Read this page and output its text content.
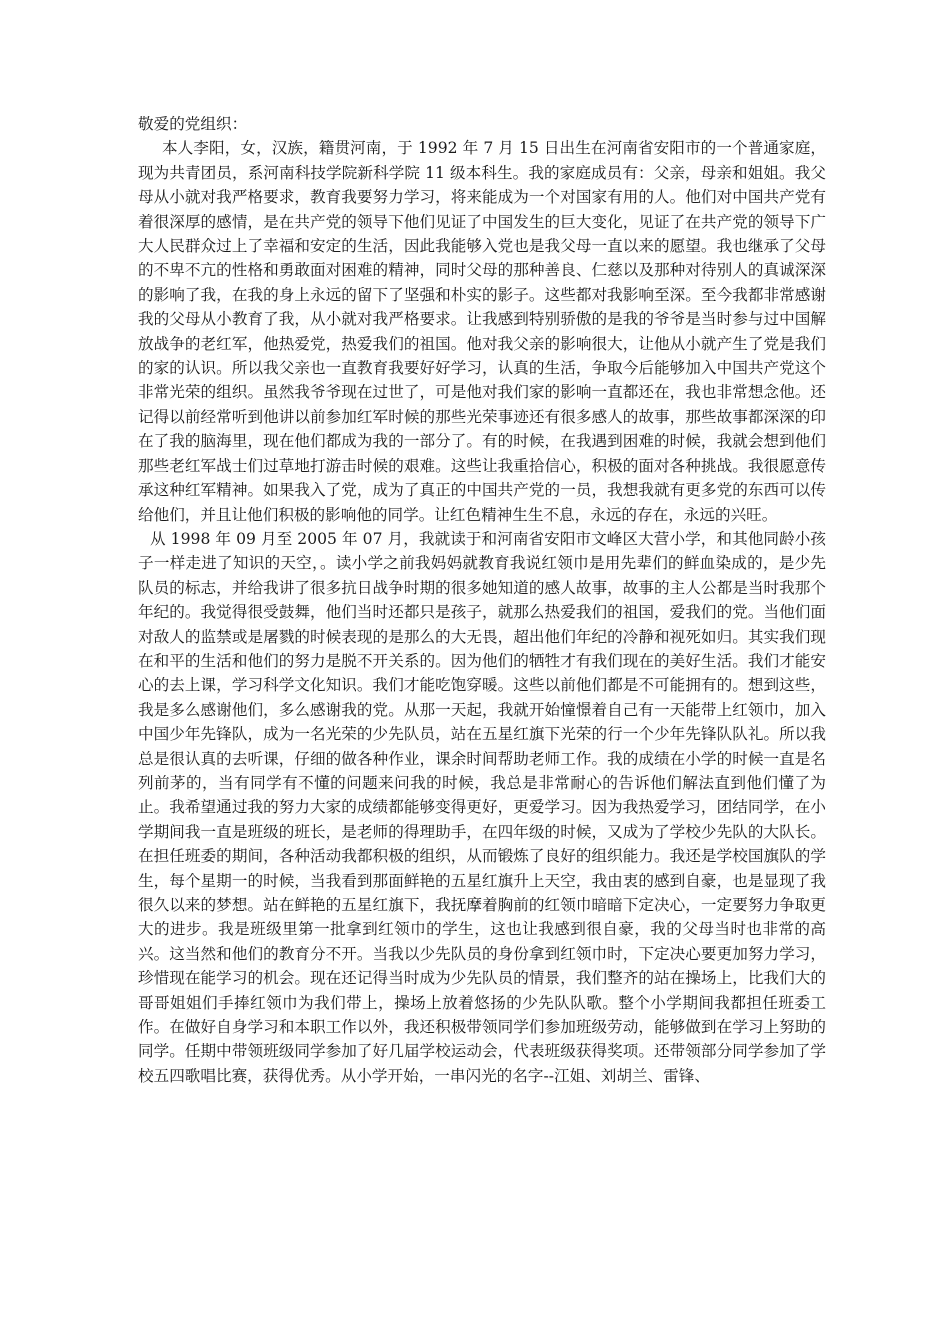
敬爱的党组织：

本人李阳，女，汉族，籍贯河南，于 1992 年 7 月 15 日出生在河南省安阳市的一个普通家庭，现为共青团员，系河南科技学院新科学院 11 级本科生。我的家庭成员有：父亲，母亲和姐姐。我父母从小就对我严格要求，教育我要努力学习，将来能成为一个对国家有用的人。他们对中国共产党有着很深厚的感情，是在共产党的领导下他们见证了中国发生的巨大变化，见证了在共产党的领导下广大人民群众过上了幸福和安定的生活，因此我能够入党也是我父母一直以来的愿望。我也继承了父母的不卑不亢的性格和勇敢面对困难的精神，同时父母的那种善良、仁慈以及那种对待别人的真诚深深的影响了我，在我的身上永远的留下了坚强和朴实的影子。这些都对我影响至深。至今我都非常感谢我的父母从小教育了我，从小就对我严格要求。让我感到特别骄傲的是我的爷爷是当时参与过中国解放战争的老红军，他热爱党，热爱我们的祖国。他对我父亲的影响很大，让他从小就产生了党是我们的家的认识。所以我父亲也一直教育我要好好学习，认真的生活，争取今后能够加入中国共产党这个非常光荣的组织。虽然我爷爷现在过世了，可是他对我们家的影响一直都还在，我也非常想念他。还记得以前经常听到他讲以前参加红军时候的那些光荣事迹还有很多感人的故事，那些故事都深深的印在了我的脑海里，现在他们都成为我的一部分了。有的时候，在我遇到困难的时候，我就会想到他们那些老红军战士们过草地打游击时候的艰难。这些让我重拾信心，积极的面对各种挑战。我很愿意传承这种红军精神。如果我入了党，成为了真正的中国共产党的一员，我想我就有更多党的东西可以传给他们，并且让他们积极的影响他的同学。让红色精神生生不息，永远的存在，永远的兴旺。

从 1998 年 09 月至 2005 年 07 月，我就读于和河南省安阳市文峰区大营小学，和其他同龄小孩子一样走进了知识的天空，。读小学之前我妈妈就教育我说红领巾是用先辈们的鲜血染成的，是少先队员的标志，并给我讲了很多抗日战争时期的很多她知道的感人故事，故事的主人公都是当时我那个年纪的。我觉得很受鼓舞，他们当时还都只是孩子，就那么热爱我们的祖国，爱我们的党。当他们面对敌人的监禁或是屠戮的时候表现的是那么的大无畏，超出他们年纪的冷静和视死如归。其实我们现在和平的生活和他们的努力是脱不开关系的。因为他们的牺牲才有我们现在的美好生活。我们才能安心的去上课，学习科学文化知识。我们才能吃饱穿暖。这些以前他们都是不可能拥有的。想到这些，我是多么感谢他们，多么感谢我的党。从那一天起，我就开始憧憬着自己有一天能带上红领巾，加入中国少年先锋队，成为一名光荣的少先队员，站在五星红旗下光荣的行一个少年先锋队队礼。所以我总是很认真的去听课，仔细的做各种作业，课余时间帮助老师工作。我的成绩在小学的时候一直是名列前茅的，当有同学有不懂的问题来问我的时候，我总是非常耐心的告诉他们解法直到他们懂了为止。我希望通过我的努力大家的成绩都能够变得更好，更爱学习。因为我热爱学习，团结同学，在小学期间我一直是班级的班长，是老师的得理助手，在四年级的时候，又成为了学校少先队的大队长。在担任班委的期间，各种活动我都积极的组织，从而锻炼了良好的组织能力。我还是学校国旗队的学生，每个星期一的时候，当我看到那面鲜艳的五星红旗升上天空，我由衷的感到自豪，也是显现了我很久以来的梦想。站在鲜艳的五星红旗下，我抚摩着胸前的红领巾暗暗下定决心，一定要努力争取更大的进步。我是班级里第一批拿到红领巾的学生，这也让我感到很自豪，我的父母当时也非常的高兴。这当然和他们的教育分不开。当我以少先队员的身份拿到红领巾时，下定决心要更加努力学习，珍惜现在能学习的机会。现在还记得当时成为少先队员的情景，我们整齐的站在操场上，比我们大的哥哥姐姐们手捧红领巾为我们带上，操场上放着悠扬的少先队队歌。整个小学期间我都担任班委工作。在做好自身学习和本职工作以外，我还积极带领同学们参加班级劳动，能够做到在学习上努助的同学。任期中带领班级同学参加了好几届学校运动会，代表班级获得奖项。还带领部分同学参加了学校五四歌唱比赛，获得优秀。从小学开始，一串闪光的名字--江姐、刘胡兰、雷锋、
